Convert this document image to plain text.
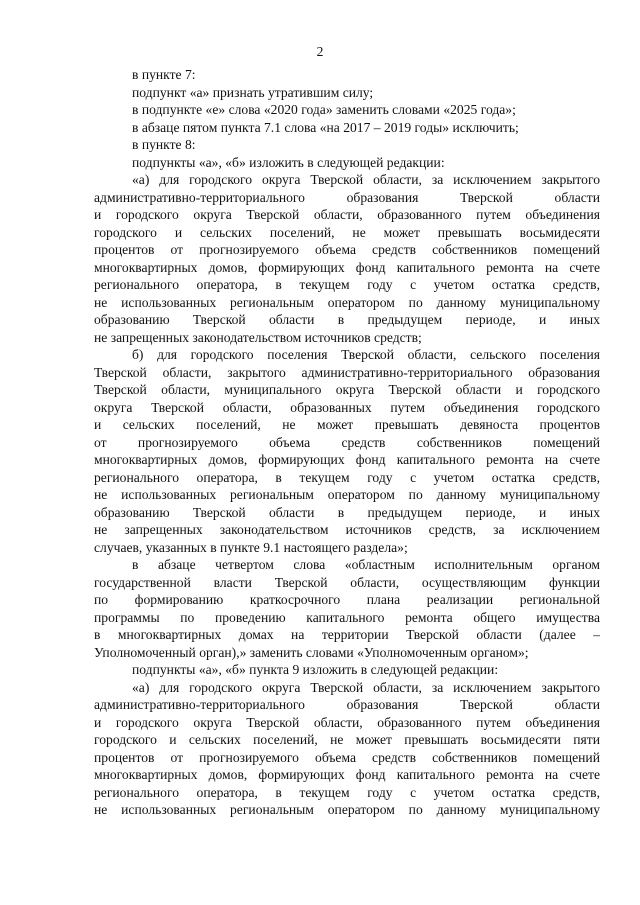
2
в пункте 7:
подпункт «а» признать утратившим силу;
в подпункте «е» слова «2020 года» заменить словами «2025 года»;
в абзаце пятом пункта 7.1 слова «на 2017 – 2019 годы» исключить;
в пункте 8:
подпункты «а», «б» изложить в следующей редакции:
«а) для городского округа Тверской области, за исключением закрытого
административно-территориального образования Тверской области
и городского округа Тверской области, образованного путем объединения
городского и сельских поселений, не может превышать восьмидесяти
процентов от прогнозируемого объема средств собственников помещений
многоквартирных домов, формирующих фонд капитального ремонта на счете
регионального оператора, в текущем году с учетом остатка средств,
не использованных региональным оператором по данному муниципальному
образованию Тверской области в предыдущем периоде, и иных
не запрещенных законодательством источников средств;
б) для городского поселения Тверской области, сельского поселения
Тверской области, закрытого административно-территориального образования
Тверской области, муниципального округа Тверской области и городского
округа Тверской области, образованных путем объединения городского
и сельских поселений, не может превышать девяноста процентов
от прогнозируемого объема средств собственников помещений
многоквартирных домов, формирующих фонд капитального ремонта на счете
регионального оператора, в текущем году с учетом остатка средств,
не использованных региональным оператором по данному муниципальному
образованию Тверской области в предыдущем периоде, и иных
не запрещенных законодательством источников средств, за исключением
случаев, указанных в пункте 9.1 настоящего раздела»;
в абзаце четвертом слова «областным исполнительным органом
государственной власти Тверской области, осуществляющим функции
по формированию краткосрочного плана реализации региональной
программы по проведению капитального ремонта общего имущества
в многоквартирных домах на территории Тверской области (далее –
Уполномоченный орган),» заменить словами «Уполномоченным органом»;
подпункты «а», «б» пункта 9 изложить в следующей редакции:
«а) для городского округа Тверской области, за исключением закрытого
административно-территориального образования Тверской области
и городского округа Тверской области, образованного путем объединения
городского и сельских поселений, не может превышать восьмидесяти пяти
процентов от прогнозируемого объема средств собственников помещений
многоквартирных домов, формирующих фонд капитального ремонта на счете
регионального оператора, в текущем году с учетом остатка средств,
не использованных региональным оператором по данному муниципальному
